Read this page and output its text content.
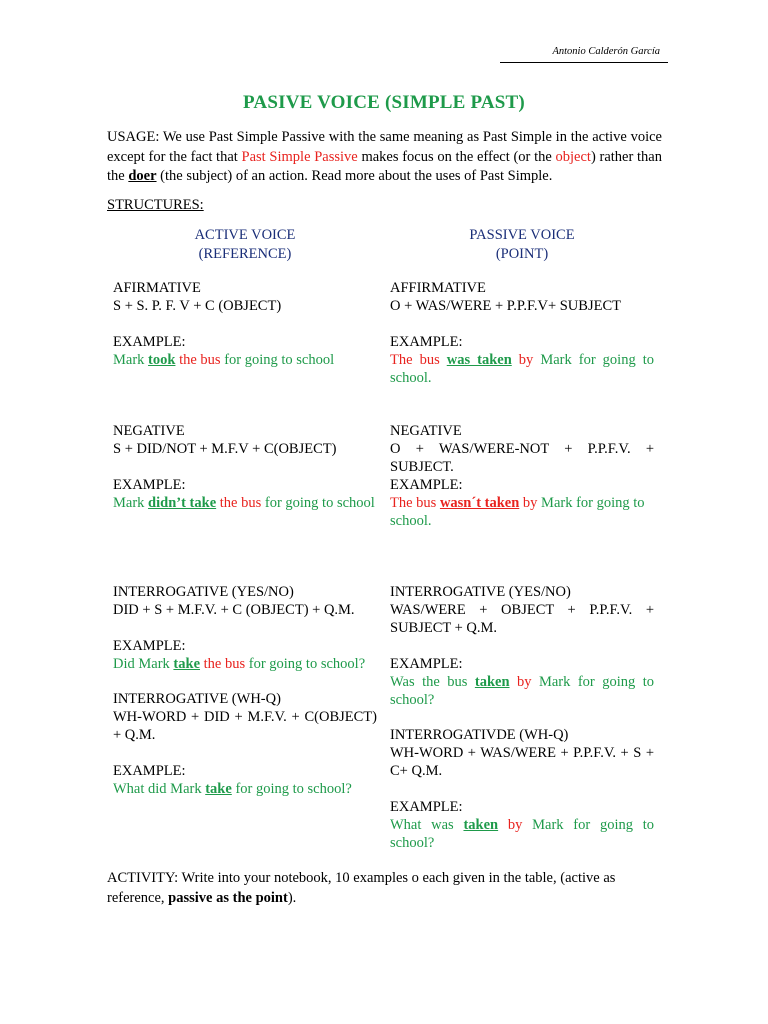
Antonio Calderón García
PASIVE VOICE (SIMPLE PAST)
USAGE: We use Past Simple Passive with the same meaning as Past Simple in the active voice except for the fact that Past Simple Passive makes focus on the effect (or the object) rather than the doer (the subject) of an action. Read more about the uses of Past Simple.
STRUCTURES:
ACTIVE VOICE
(REFERENCE)
PASSIVE VOICE
(POINT)
AFIRMATIVE
S + S. P. F. V + C (OBJECT)
EXAMPLE:
Mark took the bus for going to school
NEGATIVE
S + DID/NOT + M.F.V + C(OBJECT)
EXAMPLE:
Mark didn’t take the bus for going to school
INTERROGATIVE (YES/NO)
DID + S + M.F.V. + C (OBJECT) + Q.M.
EXAMPLE:
Did Mark take the bus for going to school?
INTERROGATIVE (WH-Q)
WH-WORD + DID + M.F.V. + C(OBJECT) + Q.M.
EXAMPLE:
What did Mark take for going to school?
AFFIRMATIVE
O + WAS/WERE + P.P.F.V+ SUBJECT
EXAMPLE:
The bus was taken by Mark for going to school.
NEGATIVE
O + WAS/WERE-NOT + P.P.F.V. + SUBJECT.
EXAMPLE:
The bus wasn´t taken by Mark for going to school.
INTERROGATIVE (YES/NO)
WAS/WERE + OBJECT + P.P.F.V. + SUBJECT + Q.M.
EXAMPLE:
Was the bus taken by Mark for going to school?
INTERROGATIVDE (WH-Q)
WH-WORD + WAS/WERE + P.P.F.V. + S + C+ Q.M.
EXAMPLE:
What was taken by Mark for going to school?
ACTIVITY: Write into your notebook, 10 examples o each given in the table, (active as reference, passive as the point).
